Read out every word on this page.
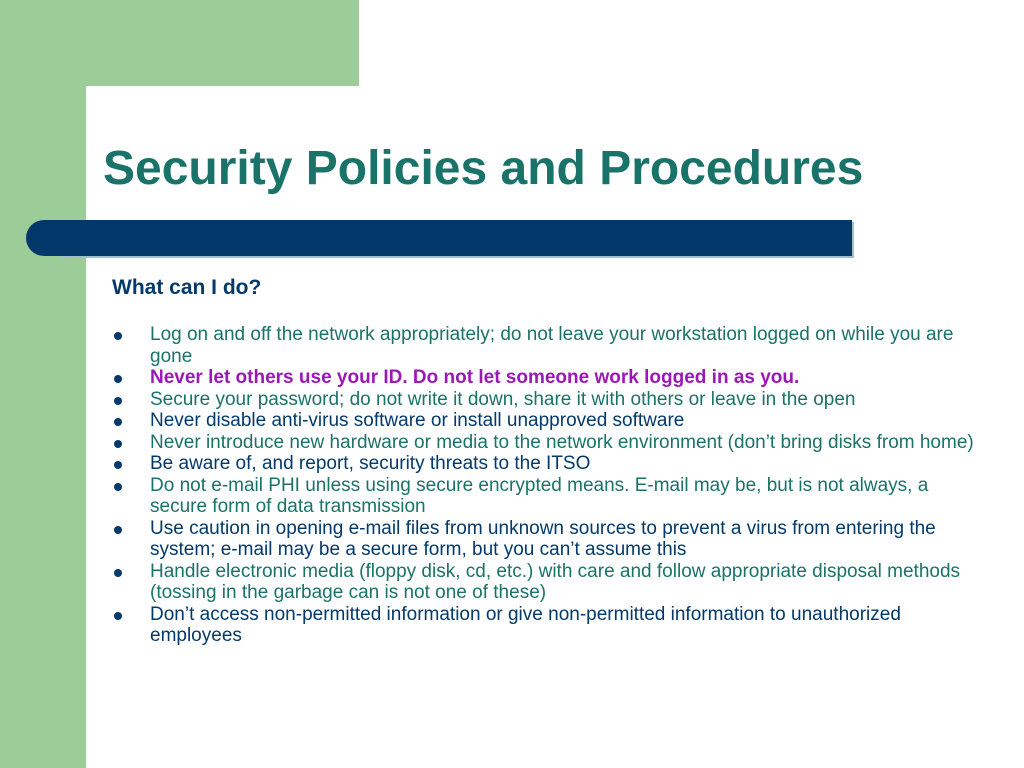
Security Policies and Procedures

What can I do?

Log on and off the network appropriately; do not leave your workstation logged on while you are gone
Never let others use your ID. Do not let someone work logged in as you.
Secure your password; do not write it down, share it with others or leave in the open
Never disable anti-virus software or install unapproved software
Never introduce new hardware or media to the network environment (don’t bring disks from home)
Be aware of, and report, security threats to the ITSO
Do not e-mail PHI unless using secure encrypted means. E-mail may be, but is not always, a secure form of data transmission
Use caution in opening e-mail files from unknown sources to prevent a virus from entering the system; e-mail may be a secure form, but you can’t assume this
Handle electronic media (floppy disk, cd, etc.) with care and follow appropriate disposal methods (tossing in the garbage can is not one of these)
Don’t access non-permitted information or give non-permitted information to unauthorized employees
